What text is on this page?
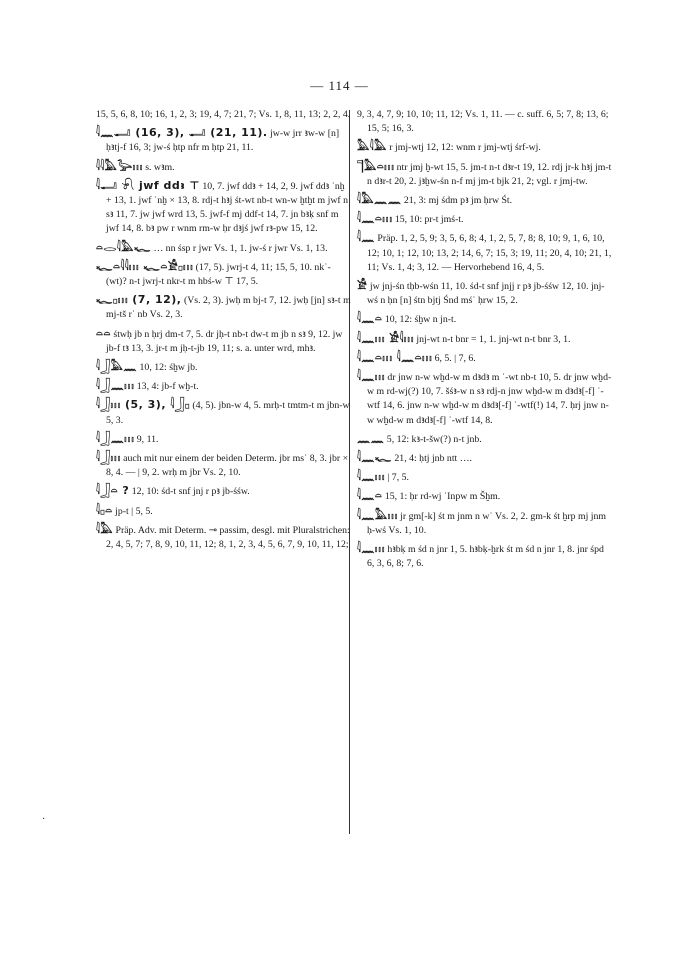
— 114 —

15, 5, 6, 8, 10; 16, 1, 2, 3; 19, 4, 7; 21, 7; Vs. 1, 8, 11, 13; 2, 2, 4.

𓇋𓈖𓂝 (16, 3), 𓂝 (21, 11). jw-w jrr ꜣw-w [n] ḥꜣtj-f 16, 3; jw-ś ḥtp nfr m ḥtp 21, 11.

𓇋𓇋𓅓𓅬𓏥 s. wꜣm.

𓇋𓂝 𓍯 jwf ddꜣ ⊤ 10, 7. jwf ddꜣ + 14, 2, 9. jwf ddꜣ ʿnḫ + 13, 1. jwf ʿnḫ × 13, 8. rdj-t hꜣj śt-wt nb-t wn-w ḫtḫt m jwf n sꜣ 11, 7. jw jwf wrd 13, 5. jwf-f mj ddf-t 14, 7. jn bꜣḳ snf m jwf 14, 8. bꜣ pw r wnm rm-w ḥr dꜣjś jwf rꜣ-pw 15, 12.

𓏏𓂋𓇋𓅓𓆑 … nn śsp r jwr Vs. 1, 1. jw-ś r jwr Vs. 1, 13.

𓆑𓏏𓇋𓇋𓏥 𓆑𓏏𓀀𓊪𓏥 (17, 5). jwrj-t 4, 11; 15, 5, 10. nkʿ-(wt)? n-t jwrj-t nkr-t m hbś-w ⊤ 17, 5.

𓆑𓊪𓏥 (7, 12), (Vs. 2, 3). jwḥ m bj-t 7, 12. jwḥ [jn] sꜣ-t m mj-tš rʿ nb Vs. 2, 3.

𓏏𓏏 śtwḥ jb n ḥrj dm-t 7, 5. dr jḥ-t nb-t dw-t m jb n sꜣ 9, 12. jw jb-f tꜣ 13, 3. jr-t m jḥ-t-jb 19, 11; s. a. unter wrd, mhꜣ.

𓇋𓃀𓅓𓈖 10, 12: śḫw jb.

𓇋𓃀𓈖𓏥 13, 4: jb-f wḫ-t.

𓇋𓃀𓏥 (5, 3), 𓇋𓃀𓊪 (4, 5). jbn-w 4, 5. mrḥ-t tmtm-t m jbn-w 5, 3.

𓇋𓃀𓈖𓏥 9, 11.

𓇋𓃀𓏥 auch mit nur einem der beiden Determ. jbr msʿ 8, 3. jbr × 8, 4. — | 9, 2. wrḥ m jbr Vs. 2, 10.

𓇋𓃀𓏏 ? 12, 10: śd-t snf jnj r pꜣ jb-śśw.

𓇋𓊪𓏏 jp-t | 5, 5.

𓇋𓅓 Präp. Adv. mit Determ. ⊸ passim, desgl. mit Pluralstrichen: 2, 4, 5, 7; 7, 8, 9, 10, 11, 12; 8, 1, 2, 3, 4, 5, 6, 7, 9, 10, 11, 12;

9, 3, 4, 7, 9; 10, 10; 11, 12; Vs. 1, 11. — c. suff. 6, 5; 7, 8; 13, 6; 15, 5; 16, 3.

𓅓𓇋𓅓 r jmj-wtj 12, 12: wnm r jmj-wtj śrf-wj.

𓊹𓅓𓏏𓏥 ntr jmj ḫ-wt 15, 5. jm-t n-t dꜣr-t 19, 12. rdj jr-k hꜣj jm-t n dꜣr-t 20, 2. jꜣḫw-śn n-f mj jm-t bjk 21, 2; vgl. r jmj-tw.

𓇋𓅓𓈖𓈖 21, 3: mj śdm pꜣ jm ḥrw Śt.

𓇋𓈖𓏏𓏥 15, 10: pr-t jmś-t.

𓇋𓈖 Präp. 1, 2, 5, 9; 3, 5, 6, 8; 4, 1, 2, 5, 7, 8; 8, 10; 9, 1, 6, 10, 12; 10, 1; 12, 10; 13, 2; 14, 6, 7; 15, 3; 19, 11; 20, 4, 10; 21, 1, 11; Vs. 1, 4; 3, 12. — Hervorhebend 16, 4, 5.

𓀀 jw jnj-śn tḥb-wśn 11, 10. śd-t snf jnjj r pꜣ jb-śśw 12, 10. jnj-wś n ḥn [n] śtn bjtj Śnd mśʿ ḥrw 15, 2.

𓇋𓈖𓏏 10, 12: śḫw n jn-t.

𓇋𓈖𓏥 𓀀𓇋𓏥 jnj-wt n-t bnr = 1, 1. jnj-wt n-t bnr 3, 1.

𓇋𓈖𓏏𓏥 𓇋𓈖𓏏𓏥 6, 5. | 7, 6.

𓇋𓈖𓏥 dr jnw n-w wḫd-w m dꜣdꜣ m ʿ-wt nb-t 10, 5. dr jnw wḫd-w m rd-wj(?) 10, 7. šśꜣ-w n sꜣ rdj-n jnw wḫd-w m dꜣdꜣ[-f] ʿ-wtf 14, 6. jnw n-w wḫd-w m dꜣdꜣ[-f] ʿ-wtf(!) 14, 7. ḥrj jnw n-w wḫd-w m dꜣdꜣ[-f] ʿ-wtf 14, 8.

𓈖𓈖 5, 12: kꜣ-t-šw(?) n-t jnb.

𓇋𓈖𓆑 21, 4: ḥtj jnb ntt ….

𓇋𓈖𓏥 | 7, 5.

𓇋𓈖𓏏 15, 1: ḥr rd-wj ʾInpw m Šḫm.

𓇋𓈖𓅓𓏥 jr gm[-k] śt m jnm n wʿ Vs. 2, 2. gm-k śt ḫrp mj jnm ḥ-wś Vs. 1, 10.

𓇋𓈖𓏥 hꜣbḳ m śd n jnr 1, 5. hꜣbḳ-ḫrk śt m śd n jnr 1, 8. jnr śpd 6, 3, 6, 8; 7, 6.

·
